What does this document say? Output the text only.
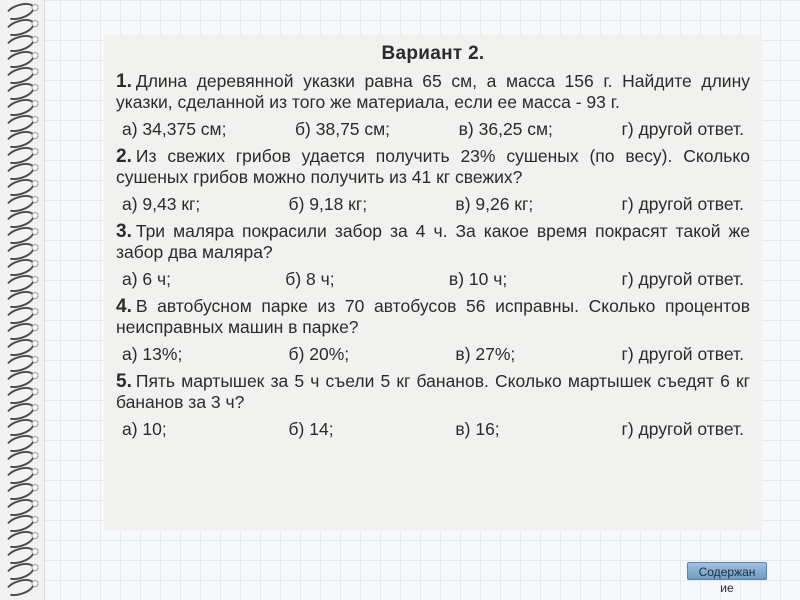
Вариант 2.

1. Длина деревянной указки равна 65 см, а масса 156 г. Найдите длину указки, сделанной из того же материала, если ее масса - 93 г.

а) 34,375 см;	б) 38,75 см;	в) 36,25 см;	г) другой ответ.

2. Из свежих грибов удается получить 23% сушеных (по весу). Сколько сушеных грибов можно получить из 41 кг свежих?

а) 9,43 кг;	б) 9,18 кг;	в) 9,26 кг;	г) другой ответ.

3. Три маляра покрасили забор за 4 ч. За какое время покрасят такой же забор два маляра?

а) 6 ч;	б) 8 ч;	в) 10 ч;	г) другой ответ.

4. В автобусном парке из 70 автобусов 56 исправны. Сколько процентов неисправных машин в парке?

а) 13%;	б) 20%;	в) 27%;	г) другой ответ.

5. Пять мартышек за 5 ч съели 5 кг бананов. Сколько мартышек съедят 6 кг бананов за 3 ч?

а) 10;	б) 14;	в) 16;	г) другой ответ.
Содержан
ие
